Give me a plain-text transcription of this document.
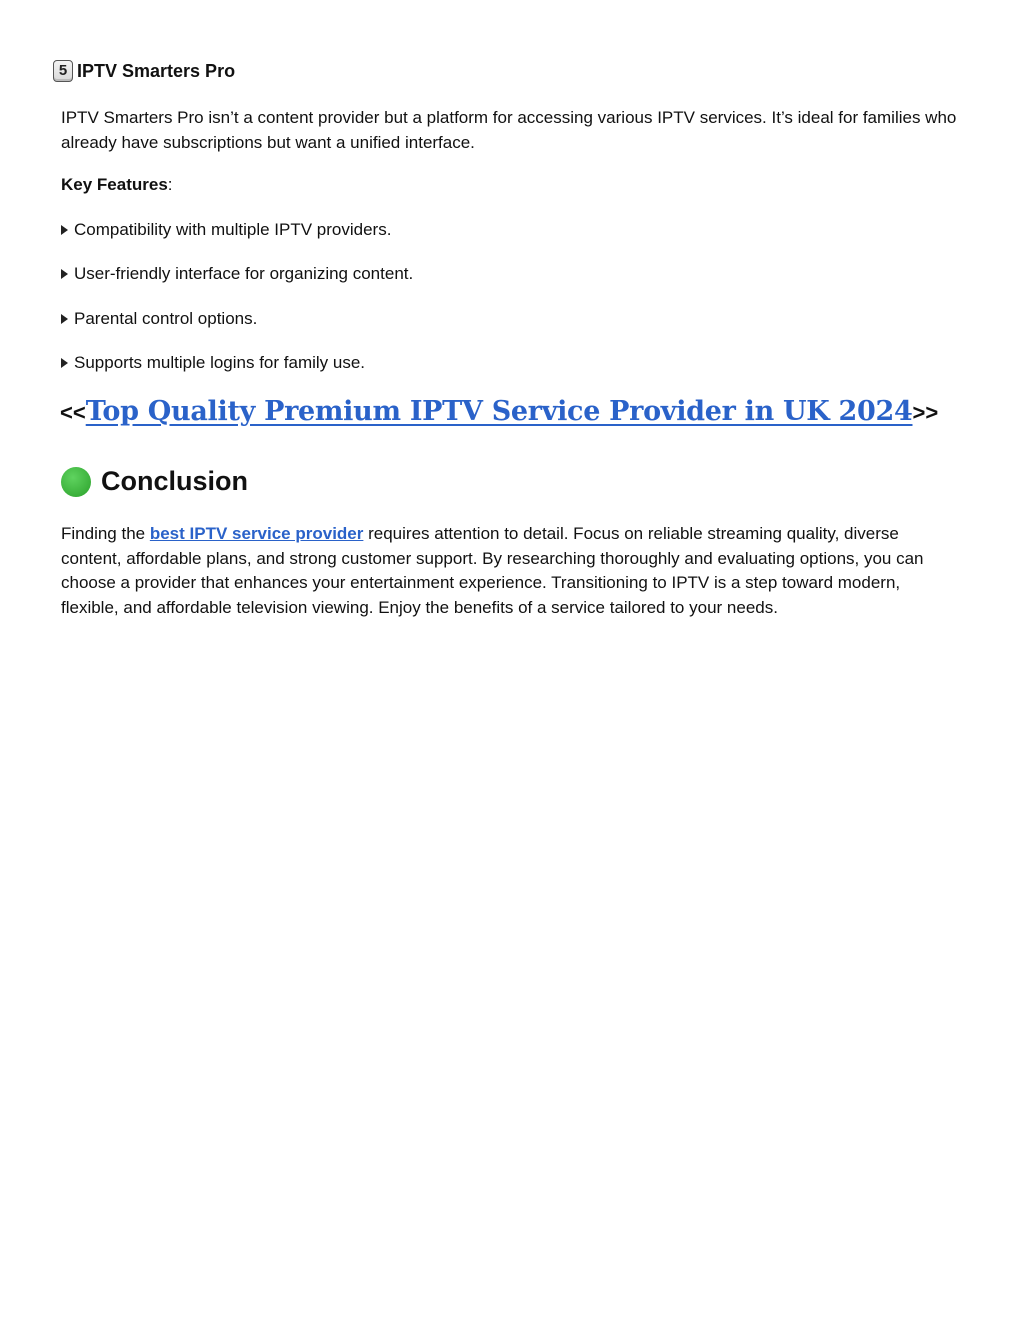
5 IPTV Smarters Pro
IPTV Smarters Pro isn’t a content provider but a platform for accessing various IPTV services. It’s ideal for families who already have subscriptions but want a unified interface.
Key Features:
Compatibility with multiple IPTV providers.
User-friendly interface for organizing content.
Parental control options.
Supports multiple logins for family use.
<< Top Quality Premium IPTV Service Provider in UK 2024 >>
Conclusion
Finding the best IPTV service provider requires attention to detail. Focus on reliable streaming quality, diverse content, affordable plans, and strong customer support. By researching thoroughly and evaluating options, you can choose a provider that enhances your entertainment experience. Transitioning to IPTV is a step toward modern, flexible, and affordable television viewing. Enjoy the benefits of a service tailored to your needs.
